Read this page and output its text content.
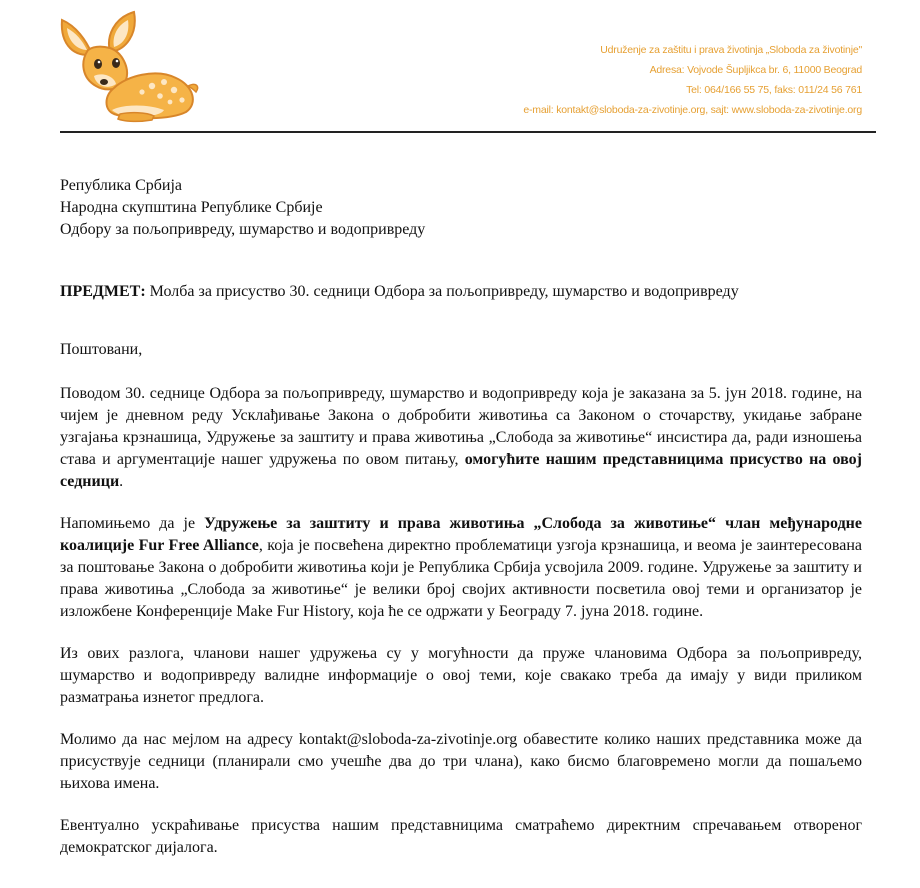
Udruženje za zaštitu i prava životinja „Sloboda za životinje"
Adresa: Vojvode Šupljikca br. 6, 11000 Beograd
Tel: 064/166 55 75, faks: 011/24 56 761
e-mail: kontakt@sloboda-za-zivotinje.org, sajt: www.sloboda-za-zivotinje.org
Република Србија
Народна скупштина Републике Србије
Одбору за пољопривреду, шумарство и водопривреду
ПРЕДМЕТ: Молба за присуство 30. седници Одбора за пољопривреду, шумарство и водопривреду
Поштовани,
Поводом 30. седнице Одбора за пољопривреду, шумарство и водопривреду која је заказана за 5. јун 2018. године, на чијем је дневном реду Усклађивање Закона о добробити животиња са Законом о сточарству, укидање забране узгајања крзнашица, Удружење за заштиту и права животиња „Слобода за животиње“ инсистира да, ради изношења става и аргументације нашег удружења по овом питању, омогућите нашим представницима присуство на овој седници.
Напомињемо да је Удружење за заштиту и права животиња „Слобода за животиње“ члан међународне коалиције Fur Free Alliance, која је посвећена директно проблематици узгоја крзнашица, и веома је заинтересована за поштовање Закона о добробити животиња који је Република Србија усвојила 2009. године. Удружење за заштиту и права животиња „Слобода за животиње“ је велики број својих активности посветила овој теми и организатор је изложбене Конференције Make Fur History, која ће се одржати у Београду 7. јуна 2018. године.
Из ових разлога, чланови нашег удружења су у могућности да пруже члановима Одбора за пољопривреду, шумарство и водопривреду валидне информације о овој теми, које свакако треба да имају у види приликом разматрања изнетог предлога.
Молимо да нас мејлом на адресу kontakt@sloboda-za-zivotinje.org обавестите колико наших представника може да присуствује седници (планирали смо учешће два до три члана), како бисмо благовремено могли да пошаљемо њихова имена.
Евентуално ускраћивање присуства нашим представницима сматраћемо директним спречавањем отвореног демократског дијалога.
